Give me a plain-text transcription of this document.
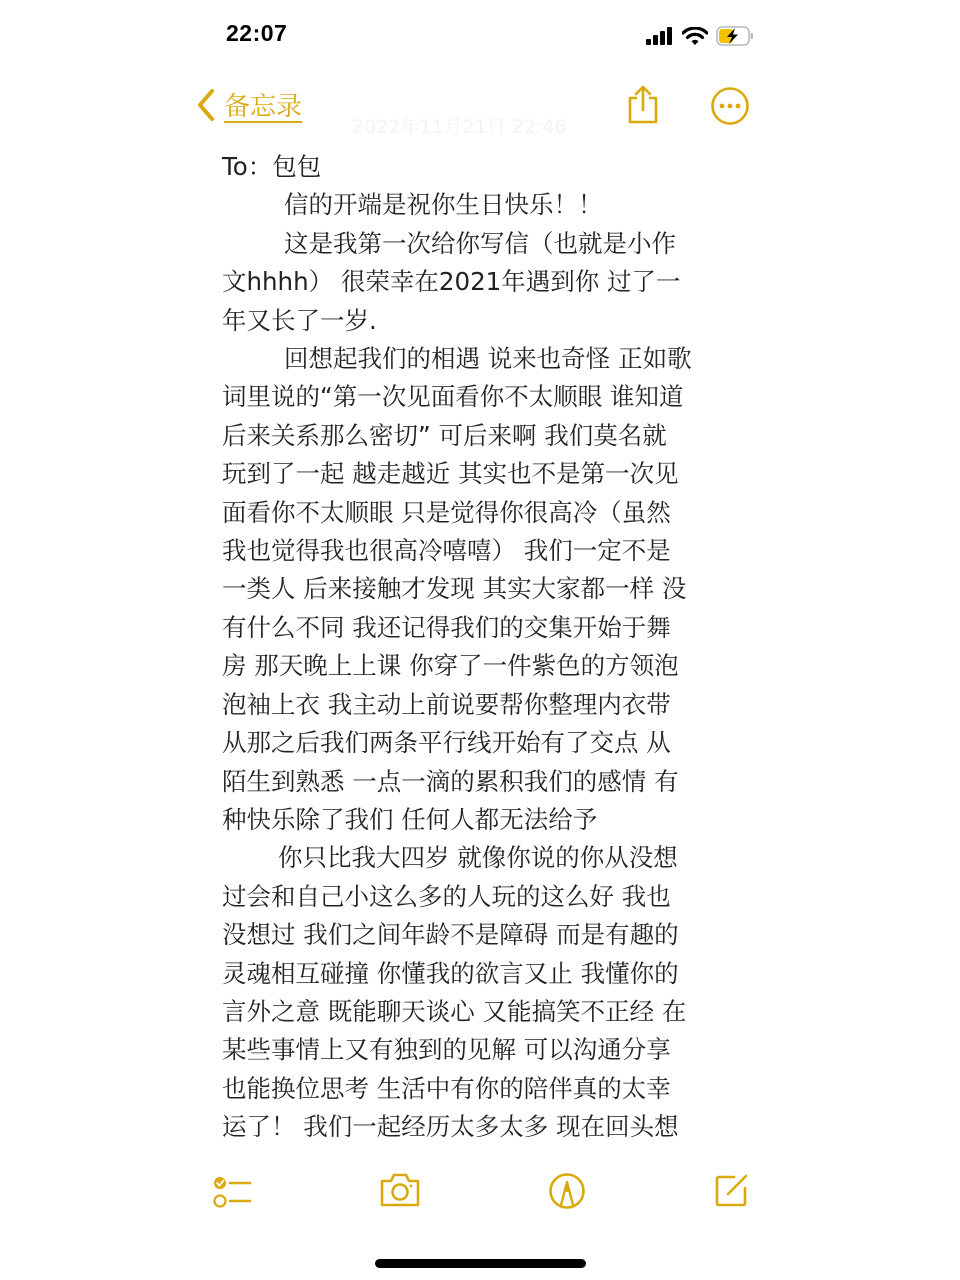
22:07
备忘录
2022年11月21日 22:46

To：包包

信的开端是祝你生日快乐！！

这是我第一次给你写信（也就是小作

文hhhh） 很荣幸在2021年遇到你 过了一

年又长了一岁.

回想起我们的相遇 说来也奇怪 正如歌

词里说的“第一次见面看你不太顺眼 谁知道

后来关系那么密切” 可后来啊 我们莫名就

玩到了一起 越走越近 其实也不是第一次见

面看你不太顺眼 只是觉得你很高冷（虽然

我也觉得我也很高冷嘻嘻） 我们一定不是

一类人 后来接触才发现 其实大家都一样 没

有什么不同 我还记得我们的交集开始于舞

房 那天晚上上课 你穿了一件紫色的方领泡

泡袖上衣 我主动上前说要帮你整理内衣带

从那之后我们两条平行线开始有了交点 从

陌生到熟悉 一点一滴的累积我们的感情 有

种快乐除了我们 任何人都无法给予

你只比我大四岁 就像你说的你从没想

过会和自己小这么多的人玩的这么好 我也

没想过 我们之间年龄不是障碍 而是有趣的

灵魂相互碰撞 你懂我的欲言又止 我懂你的

言外之意 既能聊天谈心 又能搞笑不正经 在

某些事情上又有独到的见解 可以沟通分享

也能换位思考 生活中有你的陪伴真的太幸

运了！ 我们一起经历太多太多 现在回头想
